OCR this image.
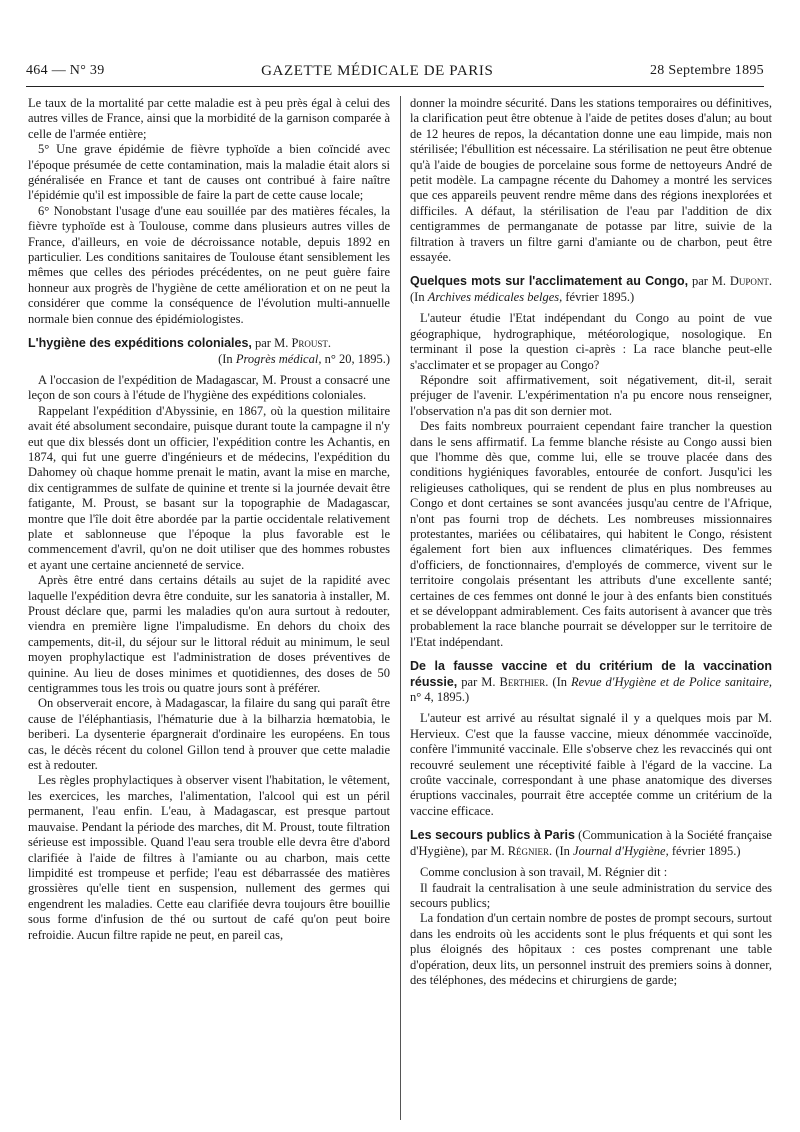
464 — N° 39	GAZETTE MÉDICALE DE PARIS	28 Septembre 1895

Le taux de la mortalité par cette maladie est à peu près égal à celui des autres villes de France, ainsi que la morbidité de la garnison comparée à celle de l'armée entière;

5° Une grave épidémie de fièvre typhoïde a bien coïncidé avec l'époque présumée de cette contamination, mais la maladie était alors si généralisée en France et tant de causes ont contribué à faire naître l'épidémie qu'il est impossible de faire la part de cette cause locale;

6° Nonobstant l'usage d'une eau souillée par des matières fécales, la fièvre typhoïde est à Toulouse, comme dans plusieurs autres villes de France, d'ailleurs, en voie de décroissance notable, depuis 1892 en particulier. Les conditions sanitaires de Toulouse étant sensiblement les mêmes que celles des périodes précédentes, on ne peut guère faire honneur aux progrès de l'hygiène de cette amélioration et on ne peut la considérer que comme la conséquence de l'évolution multi-annuelle normale bien connue des épidémiologistes.

L'hygiène des expéditions coloniales, par M. Proust.

(In Progrès médical, n° 20, 1895.)

A l'occasion de l'expédition de Madagascar, M. Proust a consacré une leçon de son cours à l'étude de l'hygiène des expéditions coloniales.

Rappelant l'expédition d'Abyssinie, en 1867, où la question militaire avait été absolument secondaire, puisque durant toute la campagne il n'y eut que dix blessés dont un officier, l'expédition contre les Achantis, en 1874, qui fut une guerre d'ingénieurs et de médecins, l'expédition du Dahomey où chaque homme prenait le matin, avant la mise en marche, dix centigrammes de sulfate de quinine et trente si la journée devait être fatigante, M. Proust, se basant sur la topographie de Madagascar, montre que l'île doit être abordée par la partie occidentale relativement plate et sablonneuse que l'époque la plus favorable est le commencement d'avril, qu'on ne doit utiliser que des hommes robustes et ayant une certaine ancienneté de service.

Après être entré dans certains détails au sujet de la rapidité avec laquelle l'expédition devra être conduite, sur les sanatoria à installer, M. Proust déclare que, parmi les maladies qu'on aura surtout à redouter, viendra en première ligne l'impaludisme. En dehors du choix des campements, dit-il, du séjour sur le littoral réduit au minimum, le seul moyen prophylactique est l'administration de doses préventives de quinine. Au lieu de doses minimes et quotidiennes, des doses de 50 centigrammes tous les trois ou quatre jours sont à préférer.

On observerait encore, à Madagascar, la filaire du sang qui paraît être cause de l'éléphantiasis, l'hématurie due à la bilharzia hœmatobia, le beriberi. La dysenterie épargnerait d'ordinaire les européens. En tous cas, le décès récent du colonel Gillon tend à prouver que cette maladie est à redouter.

Les règles prophylactiques à observer visent l'habitation, le vêtement, les exercices, les marches, l'alimentation, l'alcool qui est un péril permanent, l'eau enfin. L'eau, à Madagascar, est presque partout mauvaise. Pendant la période des marches, dit M. Proust, toute filtration sérieuse est impossible. Quand l'eau sera trouble elle devra être d'abord clarifiée à l'aide de filtres à l'amiante ou au charbon, mais cette limpidité est trompeuse et perfide; l'eau est débarrassée des matières grossières qu'elle tient en suspension, nullement des germes qui engendrent les maladies. Cette eau clarifiée devra toujours être bouillie sous forme d'infusion de thé ou surtout de café qu'on peut boire refroidie. Aucun filtre rapide ne peut, en pareil cas,

donner la moindre sécurité. Dans les stations temporaires ou définitives, la clarification peut être obtenue à l'aide de petites doses d'alun; au bout de 12 heures de repos, la décantation donne une eau limpide, mais non stérilisée; l'ébullition est nécessaire. La stérilisation ne peut être obtenue qu'à l'aide de bougies de porcelaine sous forme de nettoyeurs André de petit modèle. La campagne récente du Dahomey a montré les services que ces appareils peuvent rendre même dans des régions inexplorées et difficiles. A défaut, la stérilisation de l'eau par l'addition de dix centigrammes de permanganate de potasse par litre, suivie de la filtration à travers un filtre garni d'amiante ou de charbon, peut être essayée.

Quelques mots sur l'acclimatement au Congo, par M. Dupont. (In Archives médicales belges, février 1895.)

L'auteur étudie l'Etat indépendant du Congo au point de vue géographique, hydrographique, météorologique, nosologique. En terminant il pose la question ci-après : La race blanche peut-elle s'acclimater et se propager au Congo?

Répondre soit affirmativement, soit négativement, dit-il, serait préjuger de l'avenir. L'expérimentation n'a pu encore nous renseigner, l'observation n'a pas dit son dernier mot.

Des faits nombreux pourraient cependant faire trancher la question dans le sens affirmatif. La femme blanche résiste au Congo aussi bien que l'homme dès que, comme lui, elle se trouve placée dans des conditions hygiéniques favorables, entourée de confort. Jusqu'ici les religieuses catholiques, qui se rendent de plus en plus nombreuses au Congo et dont certaines se sont avancées jusqu'au centre de l'Afrique, n'ont pas fourni trop de déchets. Les nombreuses missionnaires protestantes, mariées ou célibataires, qui habitent le Congo, résistent également fort bien aux influences climatériques. Des femmes d'officiers, de fonctionnaires, d'employés de commerce, vivent sur le territoire congolais présentant les attributs d'une excellente santé; certaines de ces femmes ont donné le jour à des enfants bien constitués et se développant admirablement. Ces faits autorisent à avancer que très probablement la race blanche pourrait se développer sur le territoire de l'Etat indépendant.

De la fausse vaccine et du critérium de la vaccination réussie, par M. Berthier. (In Revue d'Hygiène et de Police sanitaire, n° 4, 1895.)

L'auteur est arrivé au résultat signalé il y a quelques mois par M. Hervieux. C'est que la fausse vaccine, mieux dénommée vaccinoïde, confère l'immunité vaccinale. Elle s'observe chez les revaccinés qui ont recouvré seulement une réceptivité faible à l'égard de la vaccine. La croûte vaccinale, correspondant à une phase anatomique des diverses éruptions vaccinales, pourrait être acceptée comme un critérium de la vaccine efficace.

Les secours publics à Paris (Communication à la Société française d'Hygiène), par M. Régnier. (In Journal d'Hygiène, février 1895.)

Comme conclusion à son travail, M. Régnier dit :

Il faudrait la centralisation à une seule administration du service des secours publics;

La fondation d'un certain nombre de postes de prompt secours, surtout dans les endroits où les accidents sont le plus fréquents et qui sont les plus éloignés des hôpitaux : ces postes comprenant une table d'opération, deux lits, un personnel instruit des premiers soins à donner, des téléphones, des médecins et chirurgiens de garde;
